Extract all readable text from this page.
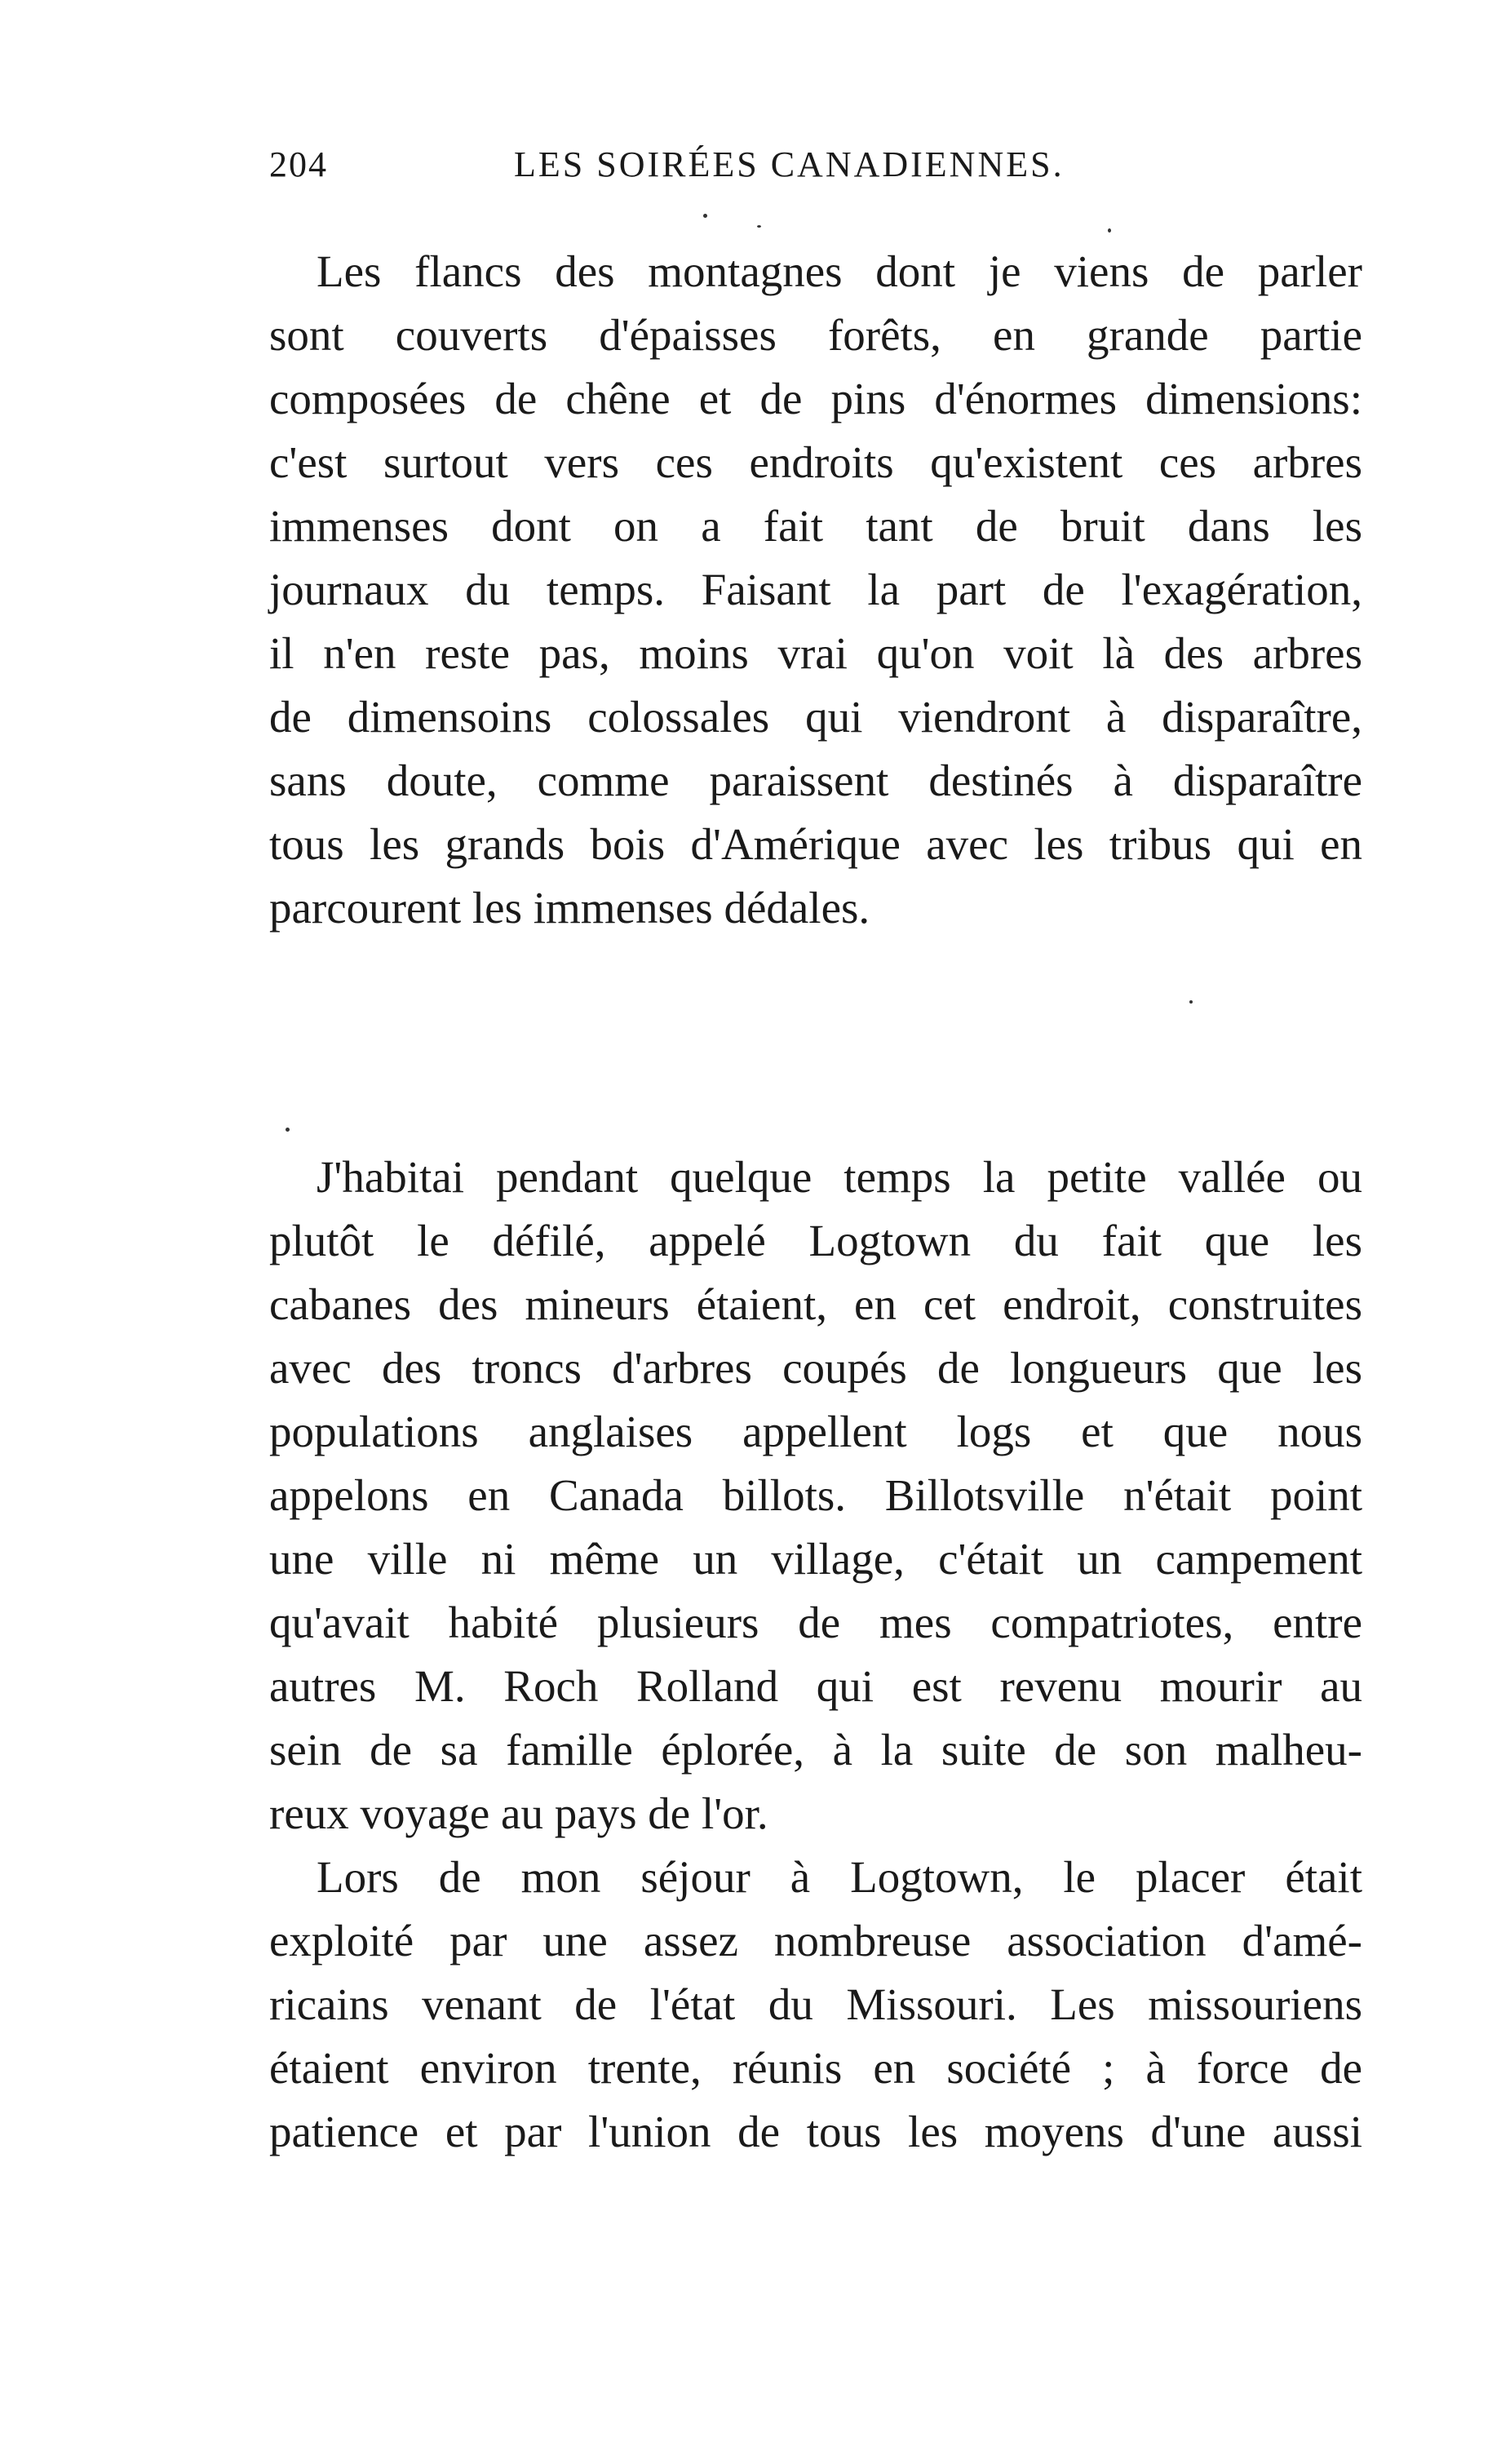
204	LES SOIRÉES CANADIENNES.
Les flancs des montagnes dont je viens de parler
sont couverts d'épaisses forêts, en grande partie
composées de chêne et de pins d'énormes dimensions:
c'est surtout vers ces endroits qu'existent ces arbres
immenses dont on a fait tant de bruit dans les
journaux du temps. Faisant la part de l'exagération,
il n'en reste pas, moins vrai qu'on voit là des arbres
de dimensoins colossales qui viendront à disparaître,
sans doute, comme paraissent destinés à disparaître
tous les grands bois d'Amérique avec les tribus qui en
parcourent les immenses dédales.
J'habitai pendant quelque temps la petite vallée ou
plutôt le défilé, appelé Logtown du fait que les
cabanes des mineurs étaient, en cet endroit, construites
avec des troncs d'arbres coupés de longueurs que les
populations anglaises appellent logs et que nous
appelons en Canada billots. Billotsville n'était point
une ville ni même un village, c'était un campement
qu'avait habité plusieurs de mes compatriotes, entre
autres M. Roch Rolland qui est revenu mourir au
sein de sa famille éplorée, à la suite de son malheu-
reux voyage au pays de l'or.
Lors de mon séjour à Logtown, le placer était
exploité par une assez nombreuse association d'amé-
ricains venant de l'état du Missouri. Les missouriens
étaient environ trente, réunis en société ; à force de
patience et par l'union de tous les moyens d'une aussi
